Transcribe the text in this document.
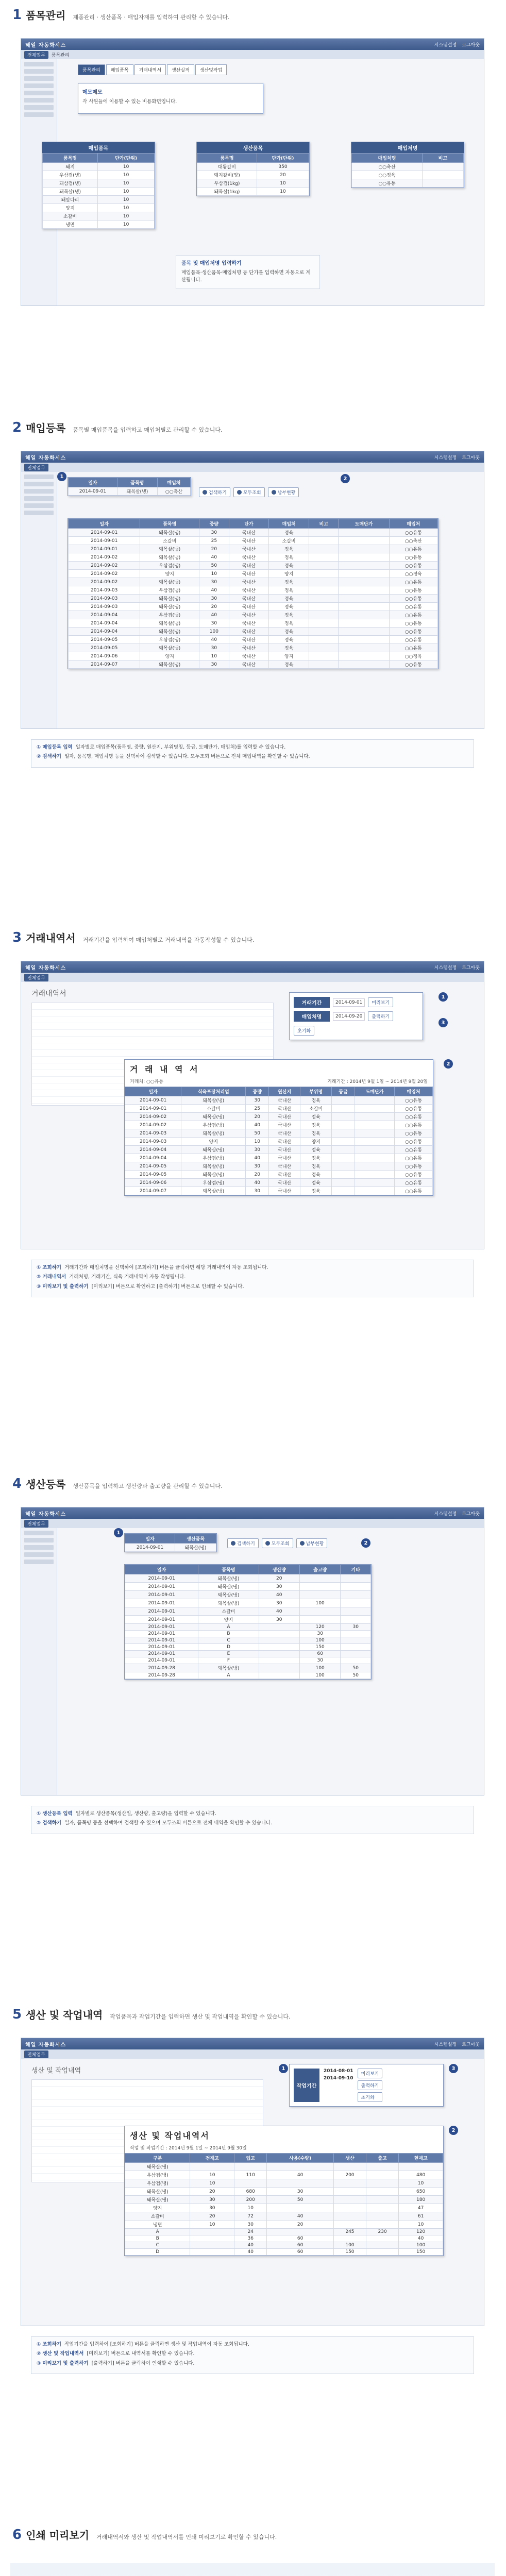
1 품목관리 제품관리 · 생산품목 · 매입자재를 입력하여 관리할 수 있습니다.
해일 자동화시스	시스템설정 로그아웃
전체업무	품목관리
품목관리	매입품목	거래내역서	생산실적	생산및작업
메모메모
각 사원들에 이용할 수 있는 비용화면입니다.
매입품목
품목명	단가(단위)
돼지	10
우삼겹(냉)	10
돼삼겹(냉)	10
돼목살(냉)	10
돼앞다리	10
양지	10
소갈비	10
냉면	10
생산품목
품목명	단가(단위)
대왕갈비	350
돼지갈비(양)	20
우삼겹(1kg)	10
돼목살(1kg)	10
매입처명
매입처명	비고
○○축산	
○○정육	
○○유통	
품목 및 매입처명 입력하기
매입품목·생산품목·매입처명 등 단가를 입력하면 자동으로 계산됩니다.
2 매입등록 품목별 매입품목을 입력하고 매입처별로 관리할 수 있습니다.
해일 자동화시스	시스템설정 로그아웃
전체업무
일자	품목명	매입처
2014-09-01	돼목살(냉)	○○축산	검색하기	모두조회	납부현황
2
1
일자	품목명	중량	단가	매입처	비고	도매단가	매입처
2014-09-01	돼목살(냉)	30	국내산	정육			○○유통
2014-09-01	소갈비	25	국내산	소갈비			○○축산
2014-09-01	돼목살(냉)	20	국내산	정육			○○유통
2014-09-02	돼목살(냉)	40	국내산	정육			○○유통
2014-09-02	우삼겹(냉)	50	국내산	정육			○○유통
2014-09-02	양지	10	국내산	양지			○○정육
2014-09-02	돼목살(냉)	30	국내산	정육			○○유통
2014-09-03	우삼겹(냉)	40	국내산	정육			○○유통
2014-09-03	돼목살(냉)	30	국내산	정육			○○유통
2014-09-03	돼목살(냉)	20	국내산	정육			○○유통
2014-09-04	우삼겹(냉)	40	국내산	정육			○○유통
2014-09-04	돼목살(냉)	30	국내산	정육			○○유통
2014-09-04	돼목살(냉)	100	국내산	정육			○○유통
2014-09-05	우삼겹(냉)	40	국내산	정육			○○유통
2014-09-05	돼목살(냉)	30	국내산	정육			○○유통
2014-09-06	양지	10	국내산	양지			○○정육
2014-09-07	돼목살(냉)	30	국내산	정육			○○유통
① 매입등록 입력 일자별로 매입품목(품목명, 중량, 원산지, 부위명칭, 등급, 도매단가, 매입처)를 입력할 수 있습니다.
② 검색하기 일자, 품목명, 매입처명 등을 선택하여 검색할 수 있습니다. 모두조회 버튼으로 전체 매입내역을 확인할 수 있습니다.
3 거래내역서 거래기간을 입력하여 매입처별로 거래내역을 자동작성할 수 있습니다.
해일 자동화시스	시스템설정 로그아웃
전체업무
거래내역서
거래기간	2014-09-01	미리보기
매입처명	2014-09-20	출력하기
초기화
1
3
거 래 내 역 서
거래처: ○○유통	거래기간 : 2014년 9월 1일 ~ 2014년 9월 20일
일자	식육포장처리업	중량	원산지	부위명	등급	도매단가	매입처
2014-09-01	돼목살(냉)	30	국내산	정육			○○유통
2014-09-01	소갈비	25	국내산	소갈비			○○유통
2014-09-02	돼목살(냉)	20	국내산	정육			○○유통
2014-09-02	우삼겹(냉)	40	국내산	정육			○○유통
2014-09-03	돼목살(냉)	50	국내산	정육			○○유통
2014-09-03	양지	10	국내산	양지			○○유통
2014-09-04	돼목살(냉)	30	국내산	정육			○○유통
2014-09-04	우삼겹(냉)	40	국내산	정육			○○유통
2014-09-05	돼목살(냉)	30	국내산	정육			○○유통
2014-09-05	돼목살(냉)	20	국내산	정육			○○유통
2014-09-06	우삼겹(냉)	40	국내산	정육			○○유통
2014-09-07	돼목살(냉)	30	국내산	정육			○○유통
2
① 조회하기 거래기간과 매입처명을 선택하여 [조회하기] 버튼을 클릭하면 해당 거래내역이 자동 조회됩니다.
② 거래내역서 거래처명, 거래기간, 식육 거래내역이 자동 작성됩니다.
③ 미리보기 및 출력하기 [미리보기] 버튼으로 확인하고 [출력하기] 버튼으로 인쇄할 수 있습니다.
4 생산등록 생산품목을 입력하고 생산량과 출고량을 관리할 수 있습니다.
해일 자동화시스	시스템설정 로그아웃
전체업무
일자	생산품목
2014-09-01	돼목살(냉)
검색하기	모두조회	납부현황
1
2
일자	품목명	생산량	출고량	기타
2014-09-01	돼목살(냉)	20		
2014-09-01	돼목살(냉)	30		
2014-09-01	돼목살(냉)	40		
2014-09-01	돼목살(냉)	30	100	
2014-09-01	소갈비	40		
2014-09-01	양지	30		
2014-09-01	A		120	30
2014-09-01	B		30	
2014-09-01	C		100	
2014-09-01	D		150	
2014-09-01	E		60	
2014-09-01	F		30	
2014-09-28	돼목살(냉)		100	50
2014-09-28	A		100	50
① 생산등록 입력 일자별로 생산품목(생산일, 생산량, 출고량)을 입력할 수 있습니다.
② 검색하기 일자, 품목명 등을 선택하여 검색할 수 있으며 모두조회 버튼으로 전체 내역을 확인할 수 있습니다.
5 생산 및 작업내역 작업품목과 작업기간을 입력하면 생산 및 작업내역을 확인할 수 있습니다.
해일 자동화시스	시스템설정 로그아웃
전체업무
생산 및 작업내역
작업기간
2014-08-01
2014-09-10
미리보기
출력하기
초기화
1	3
생산 및 작업내역서
작업 및 작업기간 : 2014년 9월 1일 ~ 2014년 9월 30일
구분	전재고	입고	사용(수량)	생산	출고	현재고
돼목살(냉)						
우삼겹(냉)	10	110	40	200		480
우삼겹(냉)	10					10
돼목살(냉)	20	680	30			650
돼목살(냉)	30	200	50			180
양지	30	10				47
소갈비	20	72	40			61
냉면	10	30	20			10
A		24		245	230	120
B		36	60			40
C		40	60	100		100
D		40	60	150		150
2
① 조회하기 작업기간을 입력하여 [조회하기] 버튼을 클릭하면 생산 및 작업내역이 자동 조회됩니다.
② 생산 및 작업내역서 [미리보기] 버튼으로 내역서를 확인할 수 있습니다.
③ 미리보기 및 출력하기 [출력하기] 버튼을 클릭하여 인쇄할 수 있습니다.
6 인쇄 미리보기 거래내역서와 생산 및 작업내역서를 인쇄 미리보기로 확인할 수 있습니다.
